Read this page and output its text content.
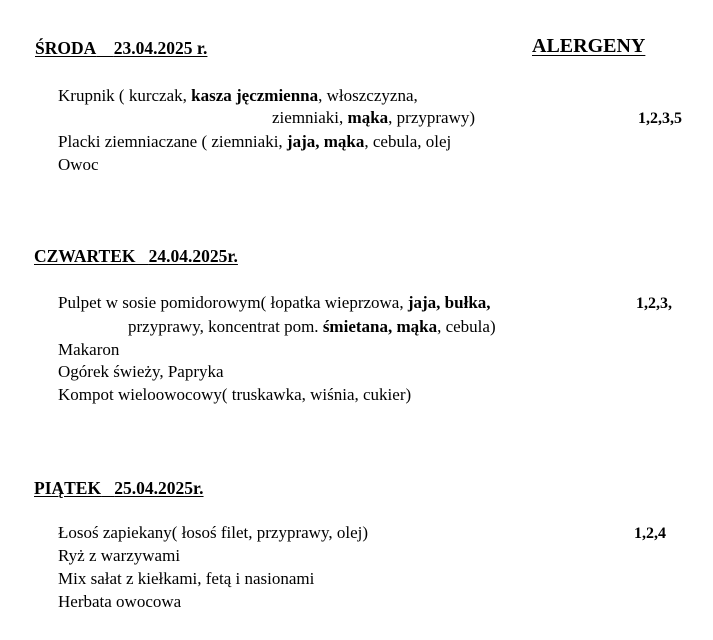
ALERGENY
ŚRODA 23.04.2025 r.
Krupnik ( kurczak, kasza jęczmienna, włoszczyzna,
ziemniaki, mąka, przyprawy)	1,2,3,5
Placki ziemniaczane ( ziemniaki, jaja, mąka, cebula, olej
Owoc
CZWARTEK 24.04.2025r.
Pulpet w sosie pomidorowym( łopatka wieprzowa, jaja, bułka,	1,2,3,
przyprawy, koncentrat pom. śmietana, mąka, cebula)
Makaron
Ogórek świeży, Papryka
Kompot wieloowocowy( truskawka, wiśnia, cukier)
PIĄTEK 25.04.2025r.
Łosoś zapiekany( łosoś filet, przyprawy, olej)	1,2,4
Ryż z warzywami
Mix sałat z kiełkami, fetą i nasionami
Herbata owocowa
